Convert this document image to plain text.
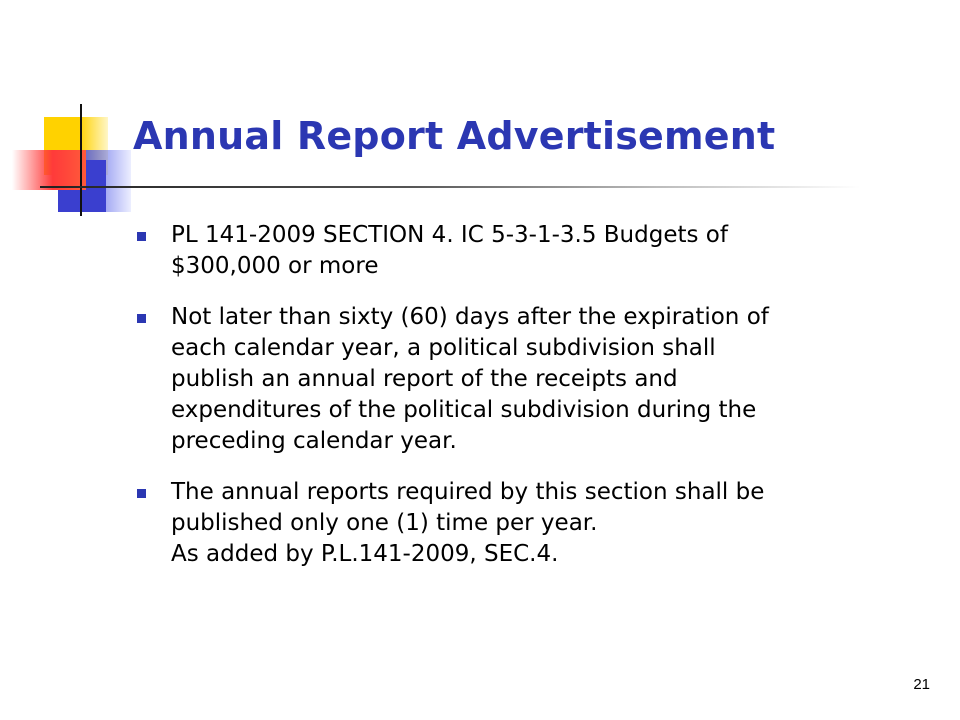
Annual Report Advertisement
PL 141-2009 SECTION 4. IC 5-3-1-3.5 Budgets of
$300,000 or more
Not later than sixty (60) days after the expiration of
each calendar year, a political subdivision shall
publish an annual report of the receipts and
expenditures of the political subdivision during the
preceding calendar year.
The annual reports required by this section shall be
published only one (1) time per year.
As added by P.L.141-2009, SEC.4.
21
